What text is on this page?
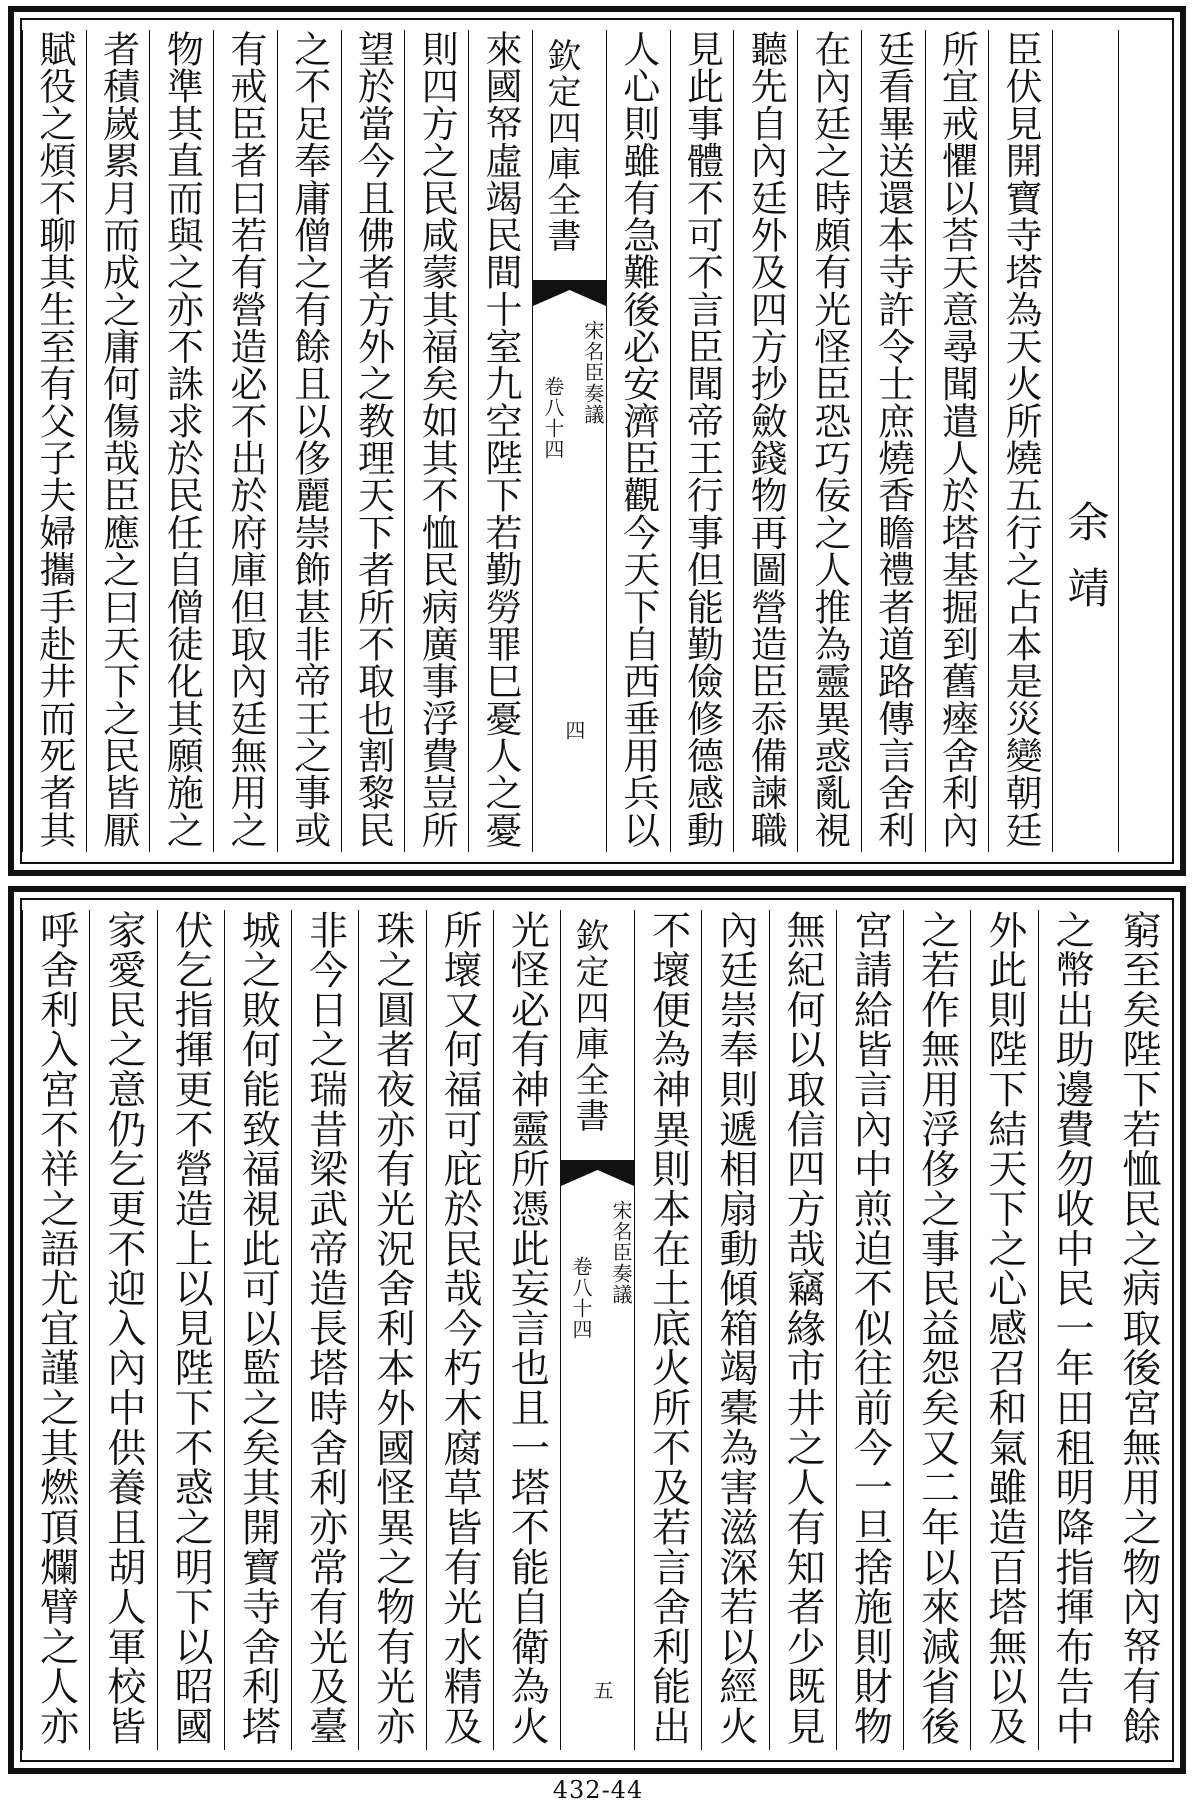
余靖
臣伏見開寶寺塔為天火所燒五行之占本是災變朝廷
所宜戒懼以荅天意尋聞遣人於塔基掘到舊瘞舍利內
廷看畢送還本寺許令士庶燒香瞻禮者道路傳言舍利
在內廷之時頗有光怪臣恐巧佞之人推為靈異惑亂視
聽先自內廷外及四方抄斂錢物再圖營造臣忝備諫職
見此事體不可不言臣聞帝王行事但能勤儉修德感動
人心則雖有急難後必安濟臣觀今天下自西垂用兵以
欽定四庫全書
宋名臣奏議
卷八十四
四
來國帑虛竭民間十室九空陛下若勤勞罪巳憂人之憂
則四方之民咸蒙其福矣如其不恤民病廣事浮費豈所
望於當今且佛者方外之教理天下者所不取也割黎民
之不足奉庸僧之有餘且以侈麗崇飾甚非帝王之事或
有戒臣者曰若有營造必不出於府庫但取內廷無用之
物準其直而與之亦不誅求於民任自僧徒化其願施之
者積嵗累月而成之庸何傷哉臣應之曰天下之民皆厭
賦役之煩不聊其生至有父子夫婦攜手赴井而死者其
窮至矣陛下若恤民之病取後宮無用之物內帑有餘
之幣出助邊費勿收中民一年田租明降指揮布告中
外此則陛下結天下之心感召和氣雖造百塔無以及
之若作無用浮侈之事民益怨矣又二年以來減省後
宮請給皆言內中煎迫不似往前今一旦捨施則財物
無紀何以取信四方哉竊緣市井之人有知者少既見
內廷崇奉則遞相扇動傾箱竭橐為害滋深若以經火
不壞便為神異則本在土底火所不及若言舍利能出
欽定四庫全書
宋名臣奏議
卷八十四
五
光怪必有神靈所憑此妄言也且一塔不能自衛為火
所壞又何福可庇於民哉今朽木腐草皆有光水精及
珠之圓者夜亦有光況舍利本外國怪異之物有光亦
非今日之瑞昔梁武帝造長塔時舍利亦常有光及臺
城之敗何能致福視此可以監之矣其開寶寺舍利塔
伏乞指揮更不營造上以見陛下不惑之明下以昭國
家愛民之意仍乞更不迎入內中供養且胡人軍校皆
呼舍利入宮不祥之語尤宜謹之其燃頂爛臂之人亦
432-44
